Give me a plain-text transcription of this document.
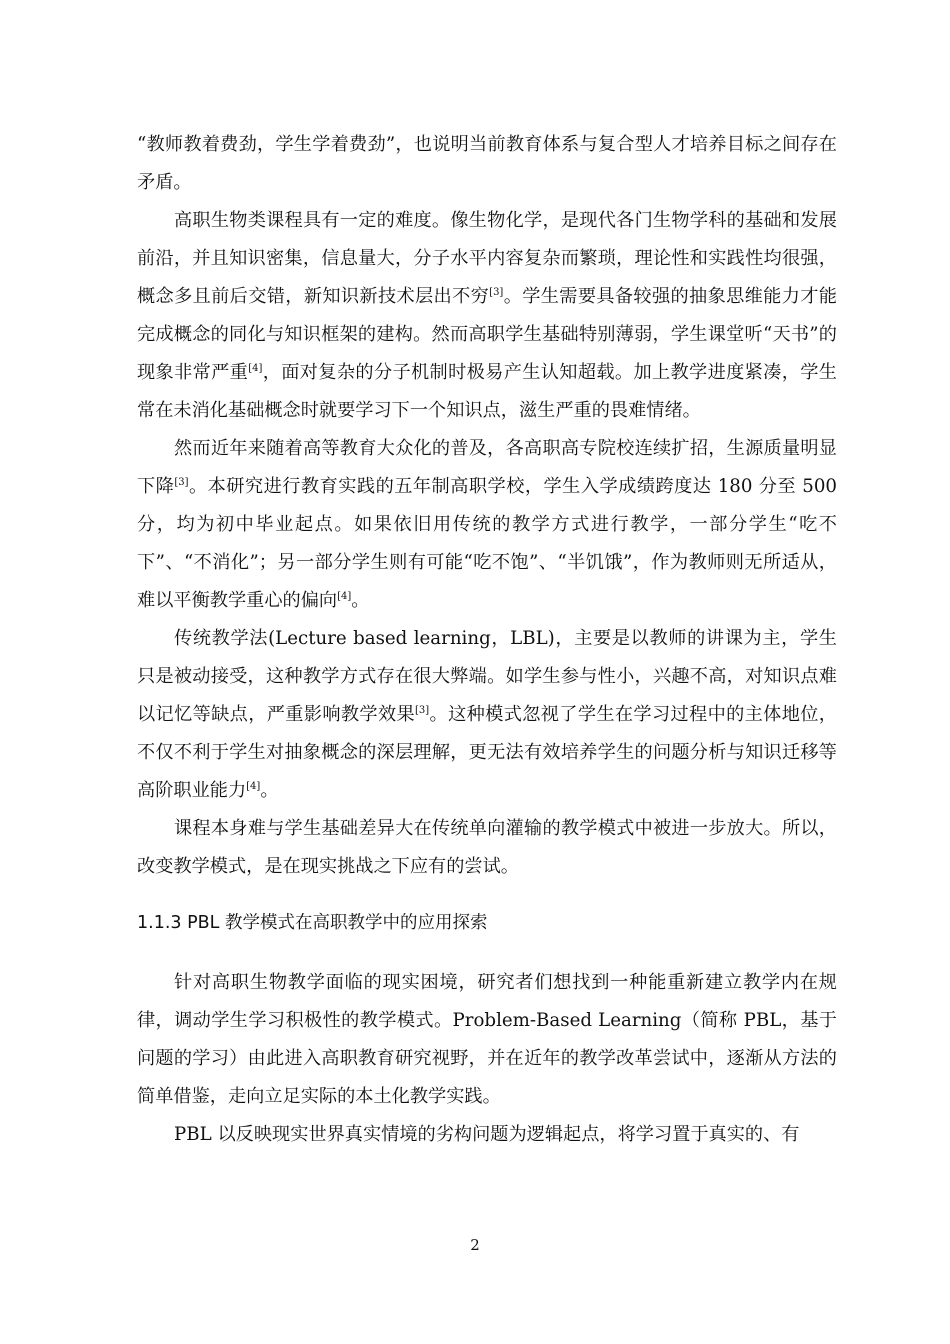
“教师教着费劲，学生学着费劲”，也说明当前教育体系与复合型人才培养目标之间存在矛盾。

高职生物类课程具有一定的难度。像生物化学，是现代各门生物学科的基础和发展前沿，并且知识密集，信息量大，分子水平内容复杂而繁琐，理论性和实践性均很强，概念多且前后交错，新知识新技术层出不穷[3]。学生需要具备较强的抽象思维能力才能完成概念的同化与知识框架的建构。然而高职学生基础特别薄弱，学生课堂听“天书”的现象非常严重[4]，面对复杂的分子机制时极易产生认知超载。加上教学进度紧凑，学生常在未消化基础概念时就要学习下一个知识点，滋生严重的畏难情绪。

然而近年来随着高等教育大众化的普及，各高职高专院校连续扩招，生源质量明显下降[3]。本研究进行教育实践的五年制高职学校，学生入学成绩跨度达 180 分至 500 分，均为初中毕业起点。如果依旧用传统的教学方式进行教学，一部分学生“吃不下”、“不消化”；另一部分学生则有可能“吃不饱”、“半饥饿”，作为教师则无所适从，难以平衡教学重心的偏向[4]。

传统教学法(Lecture based learning，LBL)，主要是以教师的讲课为主，学生只是被动接受，这种教学方式存在很大弊端。如学生参与性小，兴趣不高，对知识点难以记忆等缺点，严重影响教学效果[3]。这种模式忽视了学生在学习过程中的主体地位，不仅不利于学生对抽象概念的深层理解，更无法有效培养学生的问题分析与知识迁移等高阶职业能力[4]。

课程本身难与学生基础差异大在传统单向灌输的教学模式中被进一步放大。所以，改变教学模式，是在现实挑战之下应有的尝试。

1.1.3 PBL 教学模式在高职教学中的应用探索

针对高职生物教学面临的现实困境，研究者们想找到一种能重新建立教学内在规律，调动学生学习积极性的教学模式。Problem-Based Learning（简称 PBL，基于问题的学习）由此进入高职教育研究视野，并在近年的教学改革尝试中，逐渐从方法的简单借鉴，走向立足实际的本土化教学实践。

PBL 以反映现实世界真实情境的劣构问题为逻辑起点，将学习置于真实的、有

2
